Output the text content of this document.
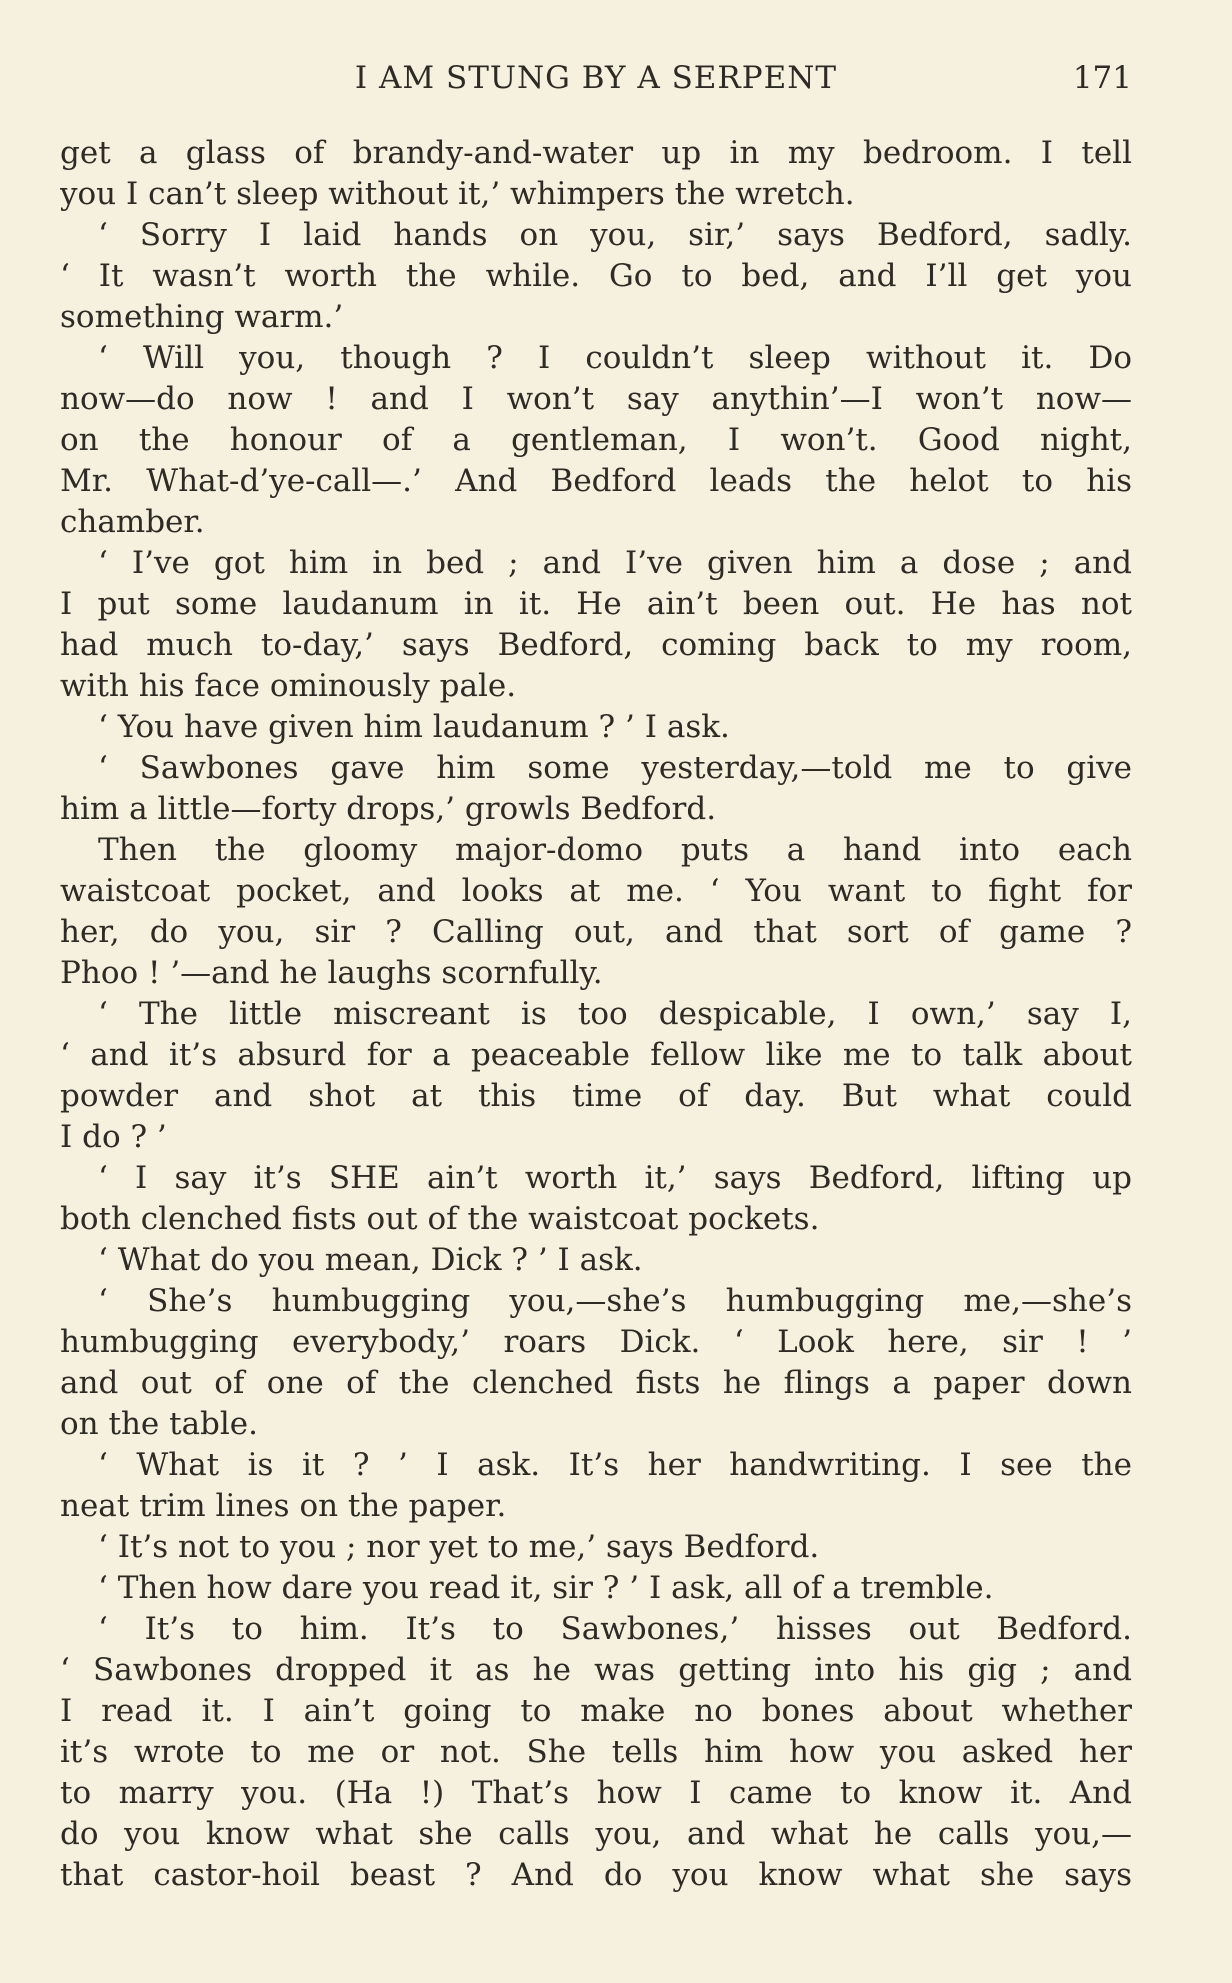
I AM STUNG BY A SERPENT	171
get a glass of brandy-and-water up in my bedroom. I tell
you I can’t sleep without it,’ whimpers the wretch.
‘ Sorry I laid hands on you, sir,’ says Bedford, sadly.
‘ It wasn’t worth the while. Go to bed, and I’ll get you
something warm.’
‘ Will you, though ? I couldn’t sleep without it. Do
now—do now ! and I won’t say anythin’—I won’t now—
on the honour of a gentleman, I won’t. Good night,
Mr. What-d’ye-call—.’ And Bedford leads the helot to his
chamber.
‘ I’ve got him in bed ; and I’ve given him a dose ; and
I put some laudanum in it. He ain’t been out. He has not
had much to-day,’ says Bedford, coming back to my room,
with his face ominously pale.
‘ You have given him laudanum ? ’ I ask.
‘ Sawbones gave him some yesterday,—told me to give
him a little—forty drops,’ growls Bedford.
Then the gloomy major-domo puts a hand into each
waistcoat pocket, and looks at me. ‘ You want to fight for
her, do you, sir ? Calling out, and that sort of game ?
Phoo ! ’—and he laughs scornfully.
‘ The little miscreant is too despicable, I own,’ say I,
‘ and it’s absurd for a peaceable fellow like me to talk about
powder and shot at this time of day. But what could
I do ? ’
‘ I say it’s SHE ain’t worth it,’ says Bedford, lifting up
both clenched fists out of the waistcoat pockets.
‘ What do you mean, Dick ? ’ I ask.
‘ She’s humbugging you,—she’s humbugging me,—she’s
humbugging everybody,’ roars Dick. ‘ Look here, sir ! ’
and out of one of the clenched fists he flings a paper down
on the table.
‘ What is it ? ’ I ask. It’s her handwriting. I see the
neat trim lines on the paper.
‘ It’s not to you ; nor yet to me,’ says Bedford.
‘ Then how dare you read it, sir ? ’ I ask, all of a tremble.
‘ It’s to him. It’s to Sawbones,’ hisses out Bedford.
‘ Sawbones dropped it as he was getting into his gig ; and
I read it. I ain’t going to make no bones about whether
it’s wrote to me or not. She tells him how you asked her
to marry you. (Ha !) That’s how I came to know it. And
do you know what she calls you, and what he calls you,—
that castor-hoil beast ? And do you know what she says
